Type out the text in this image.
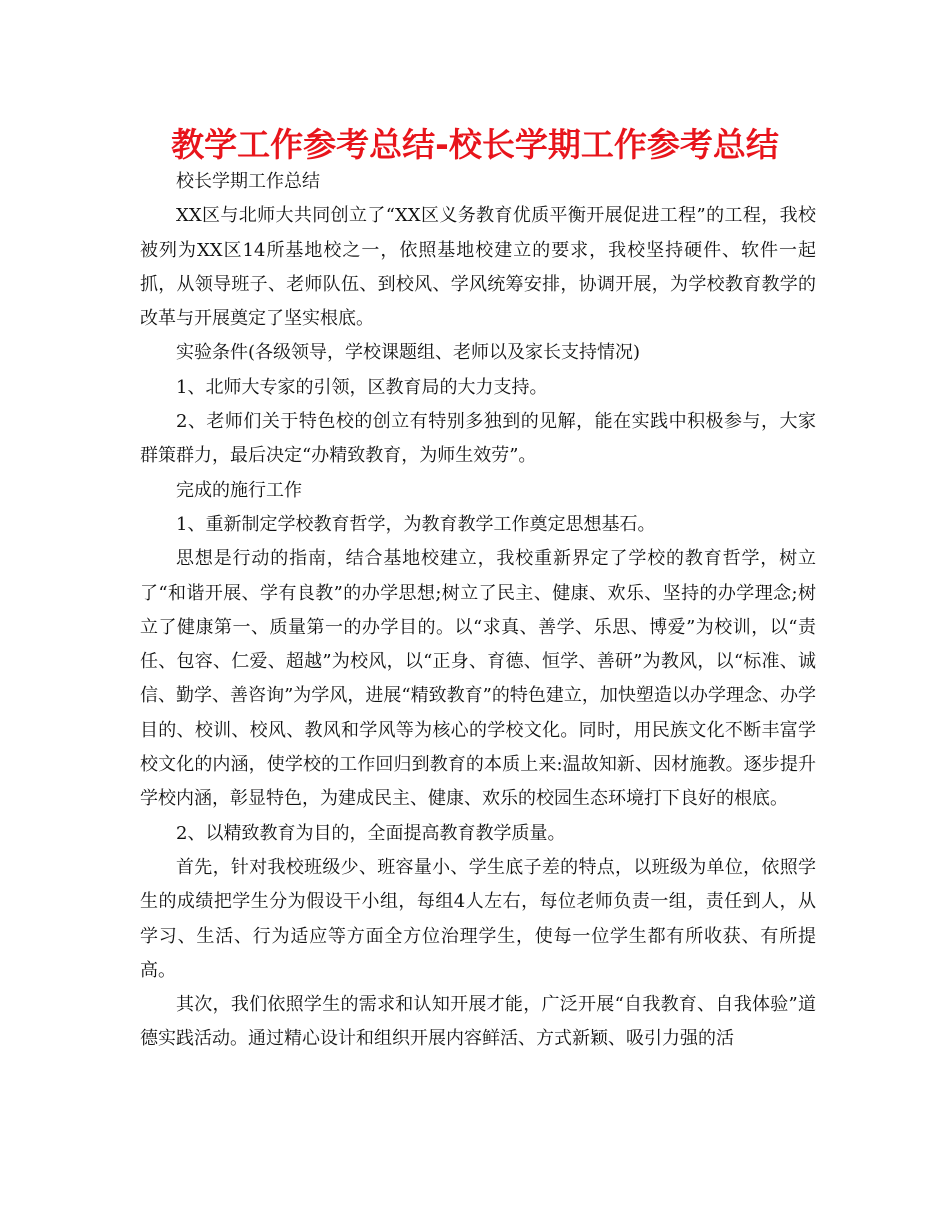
教学工作参考总结-校长学期工作参考总结

校长学期工作总结

XX区与北师大共同创立了“XX区义务教育优质平衡开展促进工程”的工程，我校被列为XX区14所基地校之一，依照基地校建立的要求，我校坚持硬件、软件一起抓，从领导班子、老师队伍、到校风、学风统筹安排，协调开展，为学校教育教学的改革与开展奠定了坚实根底。

实验条件(各级领导，学校课题组、老师以及家长支持情况)

1、北师大专家的引领，区教育局的大力支持。

2、老师们关于特色校的创立有特别多独到的见解，能在实践中积极参与，大家群策群力，最后决定“办精致教育，为师生效劳”。

完成的施行工作

1、重新制定学校教育哲学，为教育教学工作奠定思想基石。

思想是行动的指南，结合基地校建立，我校重新界定了学校的教育哲学，树立了“和谐开展、学有良教”的办学思想;树立了民主、健康、欢乐、坚持的办学理念;树立了健康第一、质量第一的办学目的。以“求真、善学、乐思、博爱”为校训，以“责任、包容、仁爱、超越”为校风，以“正身、育德、恒学、善研”为教风，以“标准、诚信、勤学、善咨询”为学风，进展“精致教育”的特色建立，加快塑造以办学理念、办学目的、校训、校风、教风和学风等为核心的学校文化。同时，用民族文化不断丰富学校文化的内涵，使学校的工作回归到教育的本质上来:温故知新、因材施教。逐步提升学校内涵，彰显特色，为建成民主、健康、欢乐的校园生态环境打下良好的根底。

2、以精致教育为目的，全面提高教育教学质量。

首先，针对我校班级少、班容量小、学生底子差的特点，以班级为单位，依照学生的成绩把学生分为假设干小组，每组4人左右，每位老师负责一组，责任到人，从学习、生活、行为适应等方面全方位治理学生，使每一位学生都有所收获、有所提高。

其次，我们依照学生的需求和认知开展才能，广泛开展“自我教育、自我体验”道德实践活动。通过精心设计和组织开展内容鲜活、方式新颖、吸引力强的活
